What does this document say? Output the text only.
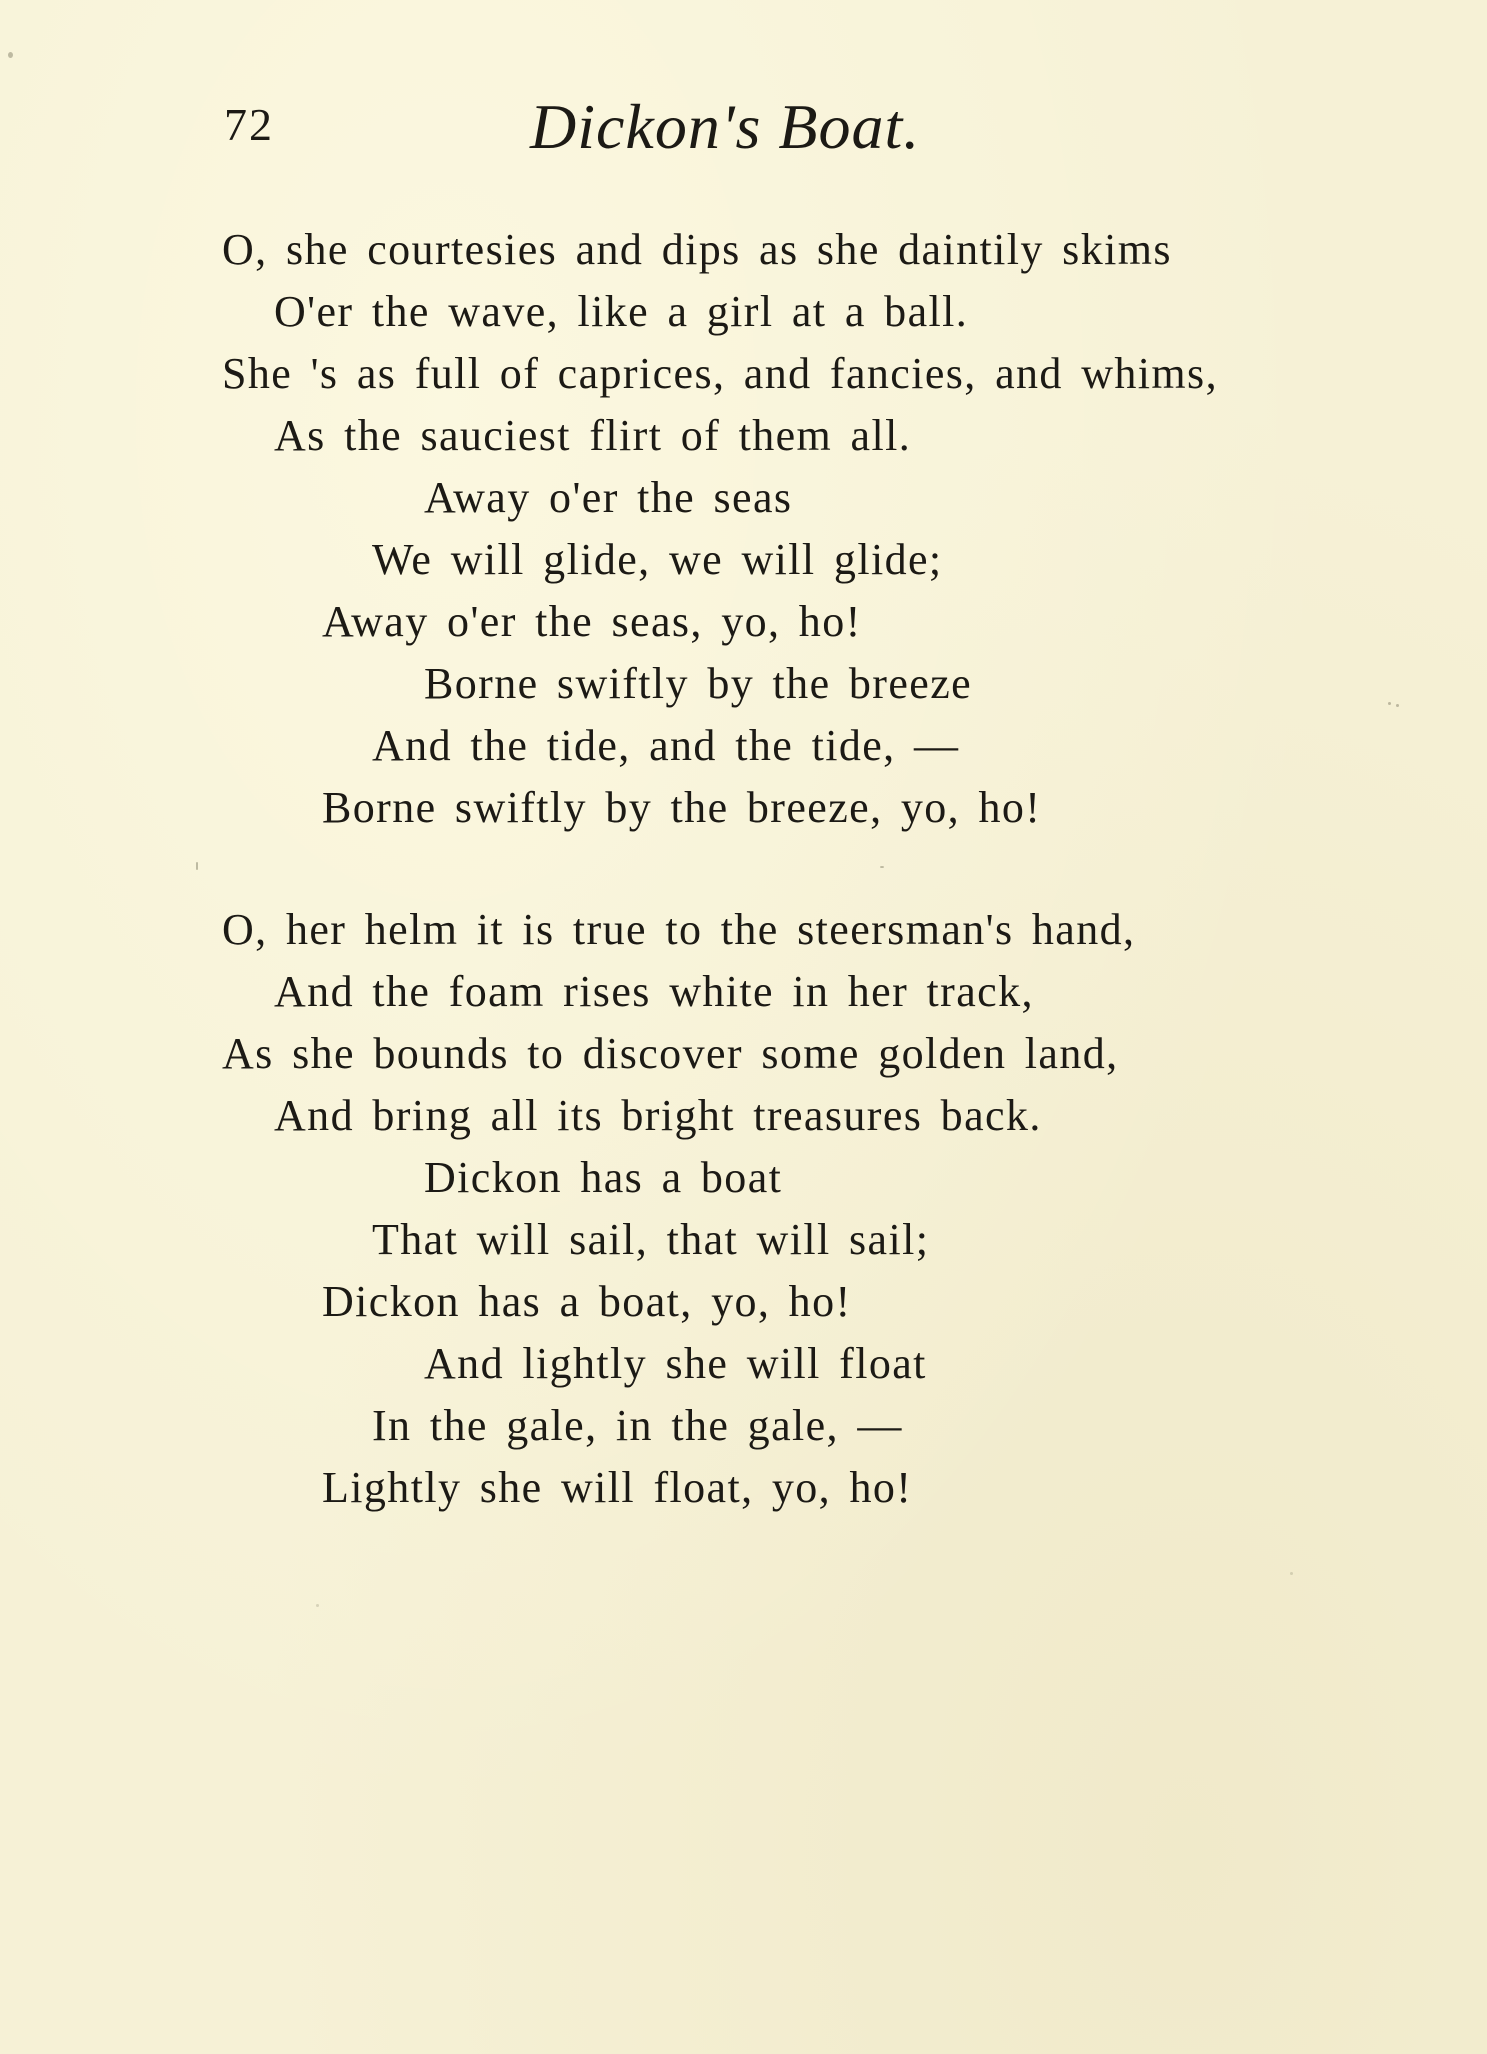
72	Dickon's Boat.
O, she courtesies and dips as she daintily skims
O'er the wave, like a girl at a ball.
She 's as full of caprices, and fancies, and whims,
As the sauciest flirt of them all.
Away o'er the seas
We will glide, we will glide;
Away o'er the seas, yo, ho!
Borne swiftly by the breeze
And the tide, and the tide, —
Borne swiftly by the breeze, yo, ho!
O, her helm it is true to the steersman's hand,
And the foam rises white in her track,
As she bounds to discover some golden land,
And bring all its bright treasures back.
Dickon has a boat
That will sail, that will sail;
Dickon has a boat, yo, ho!
And lightly she will float
In the gale, in the gale, —
Lightly she will float, yo, ho!
